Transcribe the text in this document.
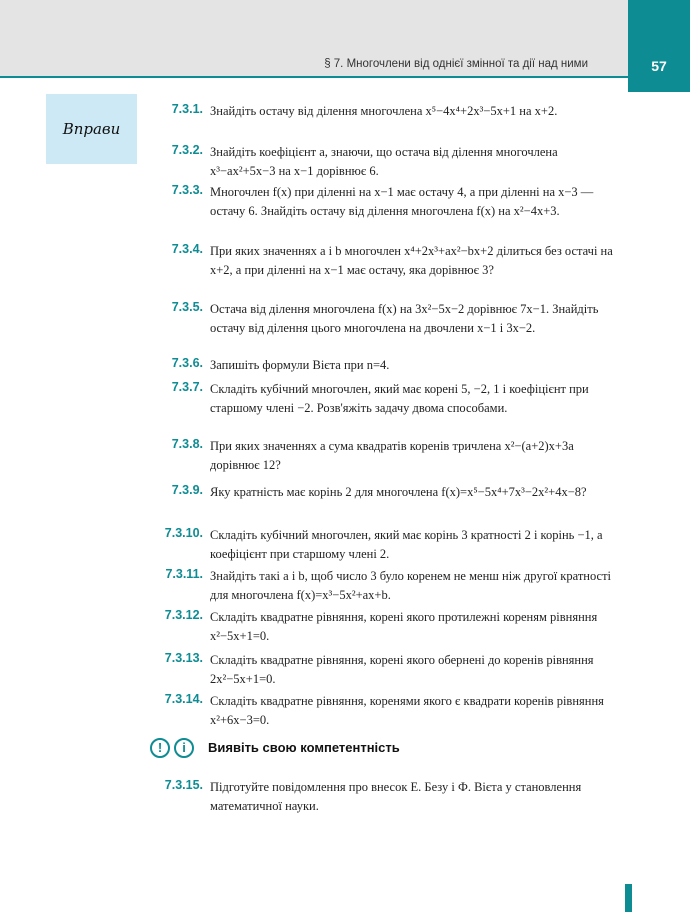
§ 7. Многочлени від однієї змінної та дії над ними	57
Вправи
7.3.1. Знайдіть остачу від ділення многочлена x⁵−4x⁴+2x³−5x+1 на x+2.
7.3.2. Знайдіть коефіцієнт a, знаючи, що остача від ділення многочлена x³−ax²+5x−3 на x−1 дорівнює 6.
7.3.3. Многочлен f(x) при діленні на x−1 має остачу 4, а при діленні на x−3 — остачу 6. Знайдіть остачу від ділення многочлена f(x) на x²−4x+3.
7.3.4. При яких значеннях a і b многочлен x⁴+2x³+ax²−bx+2 ділиться без остачі на x+2, а при діленні на x−1 має остачу, яка дорівнює 3?
7.3.5. Остача від ділення многочлена f(x) на 3x²−5x−2 дорівнює 7x−1. Знайдіть остачу від ділення цього многочлена на двочлени x−1 і 3x−2.
7.3.6. Запишіть формули Вієта при n=4.
7.3.7. Складіть кубічний многочлен, який має корені 5, −2, 1 і коефіцієнт при старшому члені −2. Розв'яжіть задачу двома способами.
7.3.8. При яких значеннях a сума квадратів коренів тричлена x²−(a+2)x+3a дорівнює 12?
7.3.9. Яку кратність має корінь 2 для многочлена f(x)=x⁵−5x⁴+7x³−2x²+4x−8?
7.3.10. Складіть кубічний многочлен, який має корінь 3 кратності 2 і корінь −1, а коефіцієнт при старшому члені 2.
7.3.11. Знайдіть такі a і b, щоб число 3 було коренем не менш ніж другої кратності для многочлена f(x)=x³−5x²+ax+b.
7.3.12. Складіть квадратне рівняння, корені якого протилежні кореням рівняння x²−5x+1=0.
7.3.13. Складіть квадратне рівняння, корені якого обернені до коренів рівняння 2x²−5x+1=0.
7.3.14. Складіть квадратне рівняння, коренями якого є квадрати коренів рівняння x²+6x−3=0.
!	i	Виявіть свою компетентність
7.3.15. Підготуйте повідомлення про внесок Е. Безу і Ф. Вієта у становлення математичної науки.
